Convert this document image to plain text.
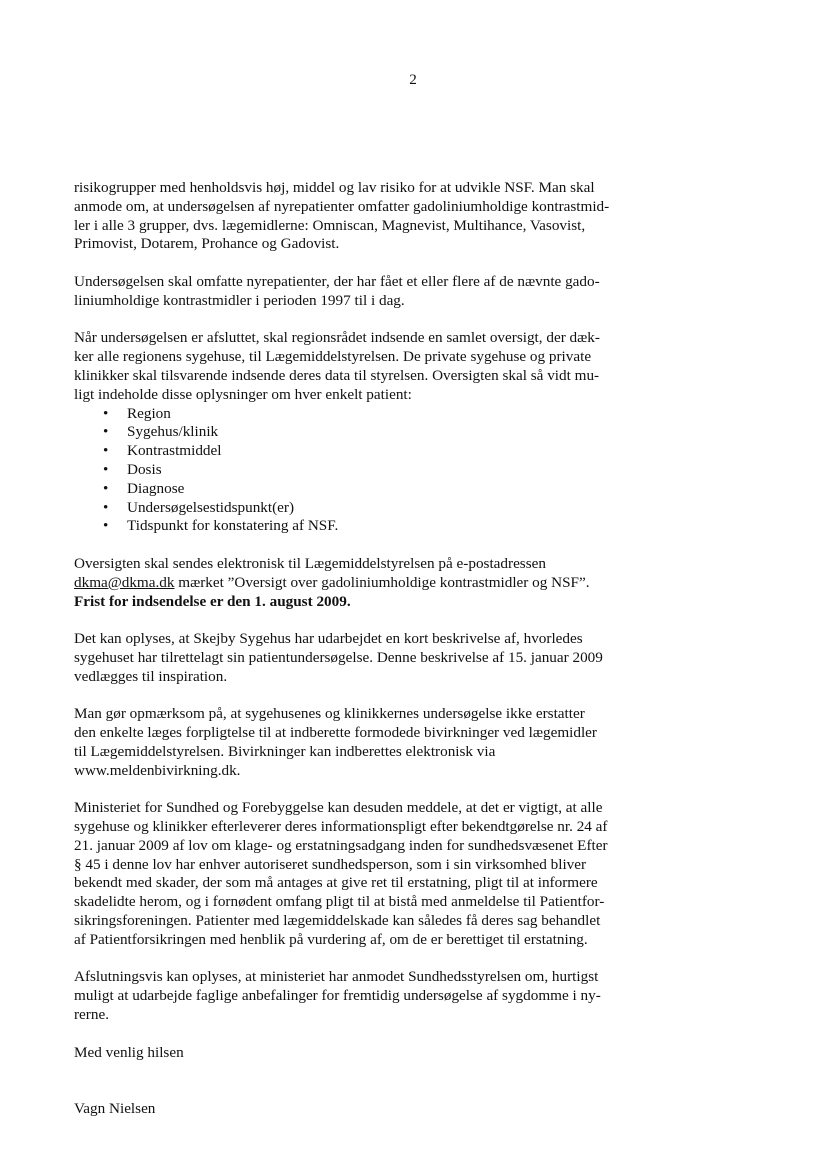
2

risikogrupper med henholdsvis høj, middel og lav risiko for at udvikle NSF. Man skal
anmode om, at undersøgelsen af nyrepatienter omfatter gadoliniumholdige kontrastmid-
ler i alle 3 grupper, dvs. lægemidlerne: Omniscan, Magnevist, Multihance, Vasovist,
Primovist, Dotarem, Prohance og Gadovist.

Undersøgelsen skal omfatte nyrepatienter, der har fået et eller flere af de nævnte gado-
liniumholdige kontrastmidler i perioden 1997 til i dag.

Når undersøgelsen er afsluttet, skal regionsrådet indsende en samlet oversigt, der dæk-
ker alle regionens sygehuse, til Lægemiddelstyrelsen. De private sygehuse og private
klinikker skal tilsvarende indsende deres data til styrelsen. Oversigten skal så vidt mu-
ligt indeholde disse oplysninger om hver enkelt patient:

• Region
• Sygehus/klinik
• Kontrastmiddel
• Dosis
• Diagnose
• Undersøgelsestidspunkt(er)
• Tidspunkt for konstatering af NSF.

Oversigten skal sendes elektronisk til Lægemiddelstyrelsen på e-postadressen
dkma@dkma.dk mærket ”Oversigt over gadoliniumholdige kontrastmidler og NSF”.
Frist for indsendelse er den 1. august 2009.

Det kan oplyses, at Skejby Sygehus har udarbejdet en kort beskrivelse af, hvorledes
sygehuset har tilrettelagt sin patientundersøgelse. Denne beskrivelse af 15. januar 2009
vedlægges til inspiration.

Man gør opmærksom på, at sygehusenes og klinikkernes undersøgelse ikke erstatter
den enkelte læges forpligtelse til at indberette formodede bivirkninger ved lægemidler
til Lægemiddelstyrelsen. Bivirkninger kan indberettes elektronisk via
www.meldenbivirkning.dk.

Ministeriet for Sundhed og Forebyggelse kan desuden meddele, at det er vigtigt, at alle
sygehuse og klinikker efterleverer deres informationspligt efter bekendtgørelse nr. 24 af
21. januar 2009 af lov om klage- og erstatningsadgang inden for sundhedsvæsenet Efter
§ 45 i denne lov har enhver autoriseret sundhedsperson, som i sin virksomhed bliver
bekendt med skader, der som må antages at give ret til erstatning, pligt til at informere
skadelidte herom, og i fornødent omfang pligt til at bistå med anmeldelse til Patientfor-
sikringsforeningen. Patienter med lægemiddelskade kan således få deres sag behandlet
af Patientforsikringen med henblik på vurdering af, om de er berettiget til erstatning.

Afslutningsvis kan oplyses, at ministeriet har anmodet Sundhedsstyrelsen om, hurtigst
muligt at udarbejde faglige anbefalinger for fremtidig undersøgelse af sygdomme i ny-
rerne.

Med venlig hilsen

Vagn Nielsen
